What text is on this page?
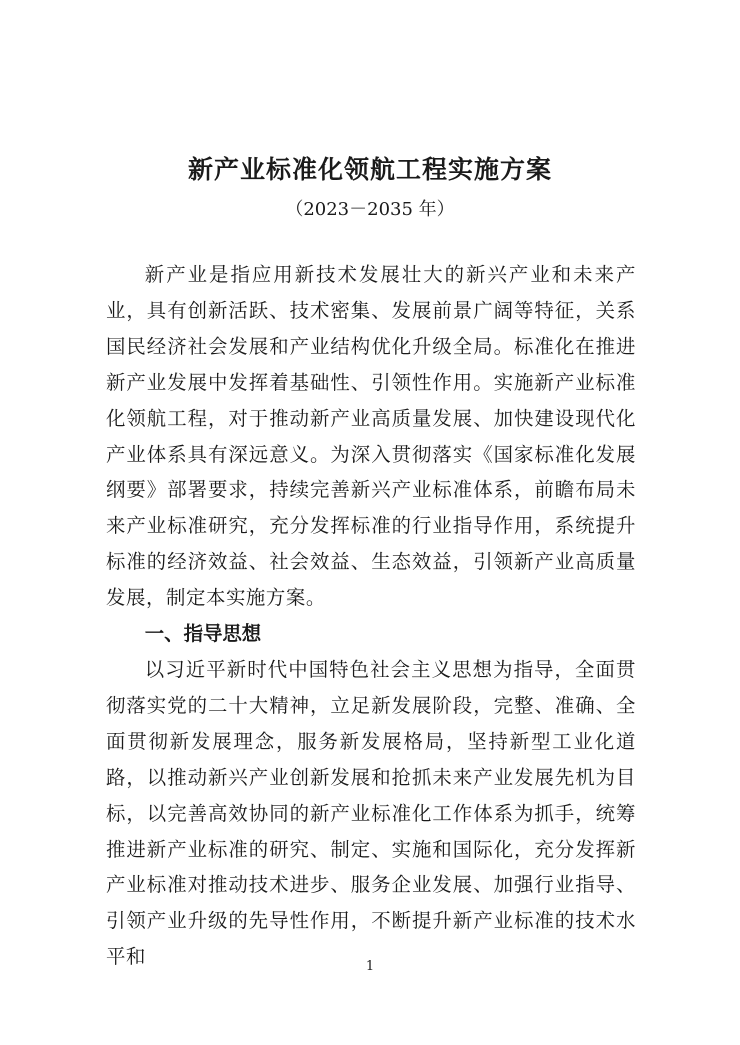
新产业标准化领航工程实施方案
（2023－2035 年）

新产业是指应用新技术发展壮大的新兴产业和未来产业，具有创新活跃、技术密集、发展前景广阔等特征，关系国民经济社会发展和产业结构优化升级全局。标准化在推进新产业发展中发挥着基础性、引领性作用。实施新产业标准化领航工程，对于推动新产业高质量发展、加快建设现代化产业体系具有深远意义。为深入贯彻落实《国家标准化发展纲要》部署要求，持续完善新兴产业标准体系，前瞻布局未来产业标准研究，充分发挥标准的行业指导作用，系统提升标准的经济效益、社会效益、生态效益，引领新产业高质量发展，制定本实施方案。

一、指导思想

以习近平新时代中国特色社会主义思想为指导，全面贯彻落实党的二十大精神，立足新发展阶段，完整、准确、全面贯彻新发展理念，服务新发展格局，坚持新型工业化道路，以推动新兴产业创新发展和抢抓未来产业发展先机为目标，以完善高效协同的新产业标准化工作体系为抓手，统筹推进新产业标准的研究、制定、实施和国际化，充分发挥新产业标准对推动技术进步、服务企业发展、加强行业指导、引领产业升级的先导性作用，不断提升新产业标准的技术水平和	1
